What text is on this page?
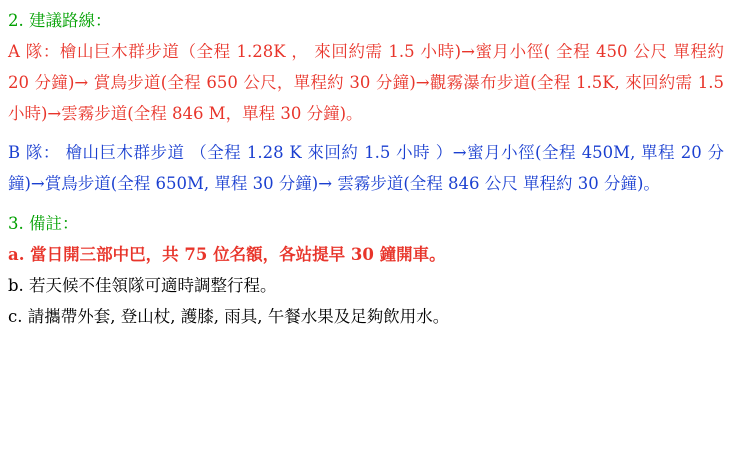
2. 建議路線：
A 隊：檜山巨木群步道（全程 1.28K ， 來回約需 1.5 小時)→蜜月小徑( 全程 450 公尺 單程約 20 分鐘)→ 賞鳥步道(全程 650 公尺，單程約 30 分鐘)→觀霧瀑布步道(全程 1.5K, 來回約需 1.5 小時)→雲霧步道(全程 846 M，單程 30 分鐘)。
B 隊： 檜山巨木群步道 （全程 1.28 K 來回約 1.5 小時 ）→蜜月小徑(全程 450M, 單程 20 分鐘)→賞鳥步道(全程 650M, 單程 30 分鐘)→ 雲霧步道(全程 846 公尺 單程約 30 分鐘)。
3. 備註：
a. 當日開三部中巴，共 75 位名額，各站提早 30 鐘開車。
b. 若天候不佳領隊可適時調整行程。
c. 請攜帶外套, 登山杖, 護膝, 雨具, 午餐水果及足夠飲用水。
